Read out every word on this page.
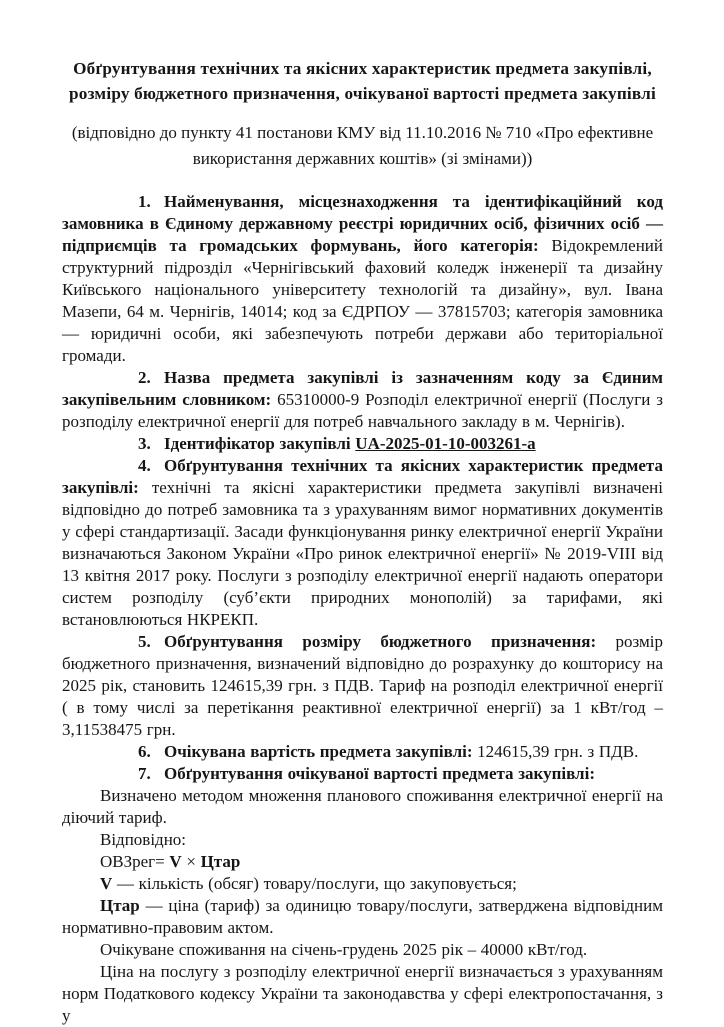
Обґрунтування технічних та якісних характеристик предмета закупівлі,
розміру бюджетного призначення, очікуваної вартості предмета закупівлі
(відповідно до пункту 41 постанови КМУ від 11.10.2016 № 710 «Про ефективне
використання державних коштів» (зі змінами))

1. Найменування, місцезнаходження та ідентифікаційний код замовника в Єдиному державному реєстрі юридичних осіб, фізичних осіб — підприємців та громадських формувань, його категорія: Відокремлений структурний підрозділ «Чернігівський фаховий коледж інженерії та дизайну Київського національного університету технологій та дизайну», вул. Івана Мазепи, 64 м. Чернігів, 14014; код за ЄДРПОУ — 37815703; категорія замовника — юридичні особи, які забезпечують потреби держави або територіальної громади.

2. Назва предмета закупівлі із зазначенням коду за Єдиним закупівельним словником: 65310000-9 Розподіл електричної енергії (Послуги з розподілу електричної енергії для потреб навчального закладу в м. Чернігів).

3. Ідентифікатор закупівлі UA-2025-01-10-003261-a

4. Обґрунтування технічних та якісних характеристик предмета закупівлі: технічні та якісні характеристики предмета закупівлі визначені відповідно до потреб замовника та з урахуванням вимог нормативних документів у сфері стандартизації. Засади функціонування ринку електричної енергії України визначаються Законом України «Про ринок електричної енергії» № 2019-VIII від 13 квітня 2017 року. Послуги з розподілу електричної енергії надають оператори систем розподілу (суб’єкти природних монополій) за тарифами, які встановлюються НКРЕКП.

5. Обґрунтування розміру бюджетного призначення: розмір бюджетного призначення, визначений відповідно до розрахунку до кошторису на 2025 рік, становить 124615,39 грн. з ПДВ. Тариф на розподіл електричної енергії ( в тому числі за перетікання реактивної електричної енергії) за 1 кВт/год – 3,11538475 грн.

6. Очікувана вартість предмета закупівлі: 124615,39 грн. з ПДВ.

7. Обґрунтування очікуваної вартості предмета закупівлі:

Визначено методом множення планового споживання електричної енергії на діючий тариф.

Відповідно:

ОВЗрег= V × Цтар

V — кількість (обсяг) товару/послуги, що закуповується;

Цтар — ціна (тариф) за одиницю товару/послуги, затверджена відповідним нормативно-правовим актом.

Очікуване споживання на січень-грудень 2025 рік – 40000 кВт/год.

Ціна на послугу з розподілу електричної енергії визначається з урахуванням норм Податкового кодексу України та законодавства у сфері електропостачання, з у
